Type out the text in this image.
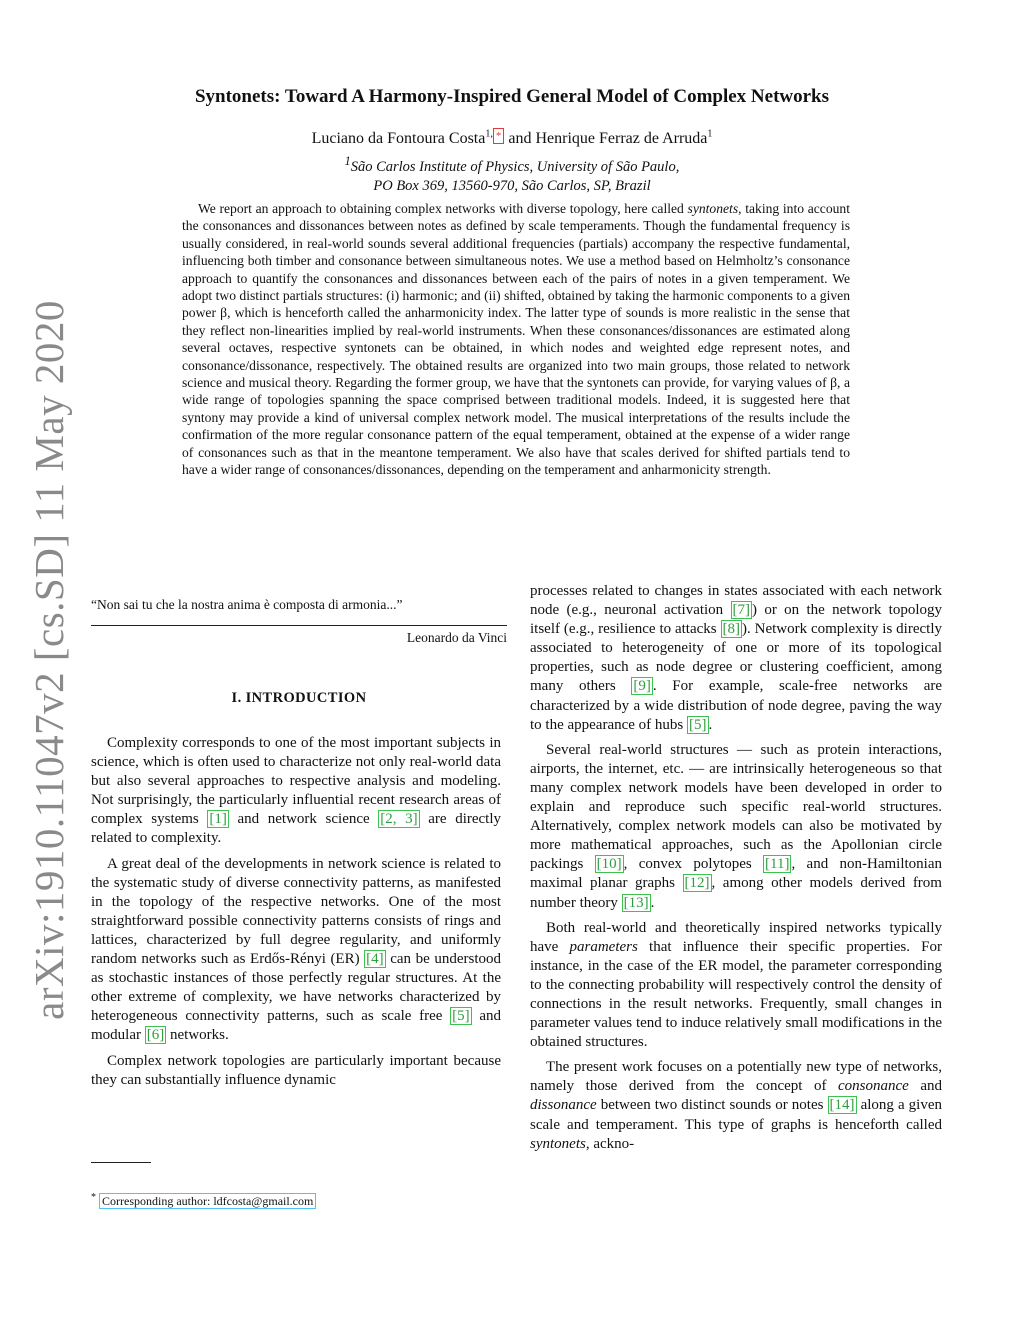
arXiv:1910.11047v2 [cs.SD] 11 May 2020
Syntonets: Toward A Harmony-Inspired General Model of Complex Networks
Luciano da Fontoura Costa$^{1,}$ * and Henrique Ferraz de Arruda$^1$
$^1$São Carlos Institute of Physics, University of São Paulo,
PO Box 369, 13560-970, São Carlos, SP, Brazil

We report an approach to obtaining complex networks with diverse topology, here called syntonets, taking into account the consonances and dissonances between notes as defined by scale temperaments. Though the fundamental frequency is usually considered, in real-world sounds several additional frequencies (partials) accompany the respective fundamental, influencing both timber and consonance between simultaneous notes. We use a method based on Helmholtz’s consonance approach to quantify the consonances and dissonances between each of the pairs of notes in a given temperament. We adopt two distinct partials structures: (i) harmonic; and (ii) shifted, obtained by taking the harmonic components to a given power β, which is henceforth called the anharmonicity index. The latter type of sounds is more realistic in the sense that they reflect non-linearities implied by real-world instruments. When these consonances/dissonances are estimated along several octaves, respective syntonets can be obtained, in which nodes and weighted edge represent notes, and consonance/dissonance, respectively. The obtained results are organized into two main groups, those related to network science and musical theory. Regarding the former group, we have that the syntonets can provide, for varying values of β, a wide range of topologies spanning the space comprised between traditional models. Indeed, it is suggested here that syntony may provide a kind of universal complex network model. The musical interpretations of the results include the confirmation of the more regular consonance pattern of the equal temperament, obtained at the expense of a wider range of consonances such as that in the meantone temperament. We also have that scales derived for shifted partials tend to have a wider range of consonances/dissonances, depending on the temperament and anharmonicity strength.

“Non sai tu che la nostra anima è composta di armonia...”
Leonardo da Vinci
I. INTRODUCTION

Complexity corresponds to one of the most important subjects in science, which is often used to characterize not only real-world data but also several approaches to respective analysis and modeling. Not surprisingly, the particularly influential recent research areas of complex systems [1] and network science [2, 3] are directly related to complexity.

A great deal of the developments in network science is related to the systematic study of diverse connectivity patterns, as manifested in the topology of the respective networks. One of the most straightforward possible connectivity patterns consists of rings and lattices, characterized by full degree regularity, and uniformly random networks such as Erdős-Rényi (ER) [4] can be understood as stochastic instances of those perfectly regular structures. At the other extreme of complexity, we have networks characterized by heterogeneous connectivity patterns, such as scale free [5] and modular [6] networks.

Complex network topologies are particularly important because they can substantially influence dynamic

processes related to changes in states associated with each network node (e.g., neuronal activation [7] ) or on the network topology itself (e.g., resilience to attacks [8] ). Network complexity is directly associated to heterogeneity of one or more of its topological properties, such as node degree or clustering coefficient, among many others [9] . For example, scale-free networks are characterized by a wide distribution of node degree, paving the way to the appearance of hubs [5] .

Several real-world structures — such as protein interactions, airports, the internet, etc. — are intrinsically heterogeneous so that many complex network models have been developed in order to explain and reproduce such specific real-world structures. Alternatively, complex network models can also be motivated by more mathematical approaches, such as the Apollonian circle packings [10] , convex polytopes [11] , and non-Hamiltonian maximal planar graphs [12] , among other models derived from number theory [13] .

Both real-world and theoretically inspired networks typically have parameters that influence their specific properties. For instance, in the case of the ER model, the parameter corresponding to the connecting probability will respectively control the density of connections in the result networks. Frequently, small changes in parameter values tend to induce relatively small modifications in the obtained structures.

The present work focuses on a potentially new type of networks, namely those derived from the concept of consonance and dissonance between two distinct sounds or notes [14] along a given scale and temperament. This type of graphs is henceforth called syntonets, ackno-

* Corresponding author: ldfcosta@gmail.com
